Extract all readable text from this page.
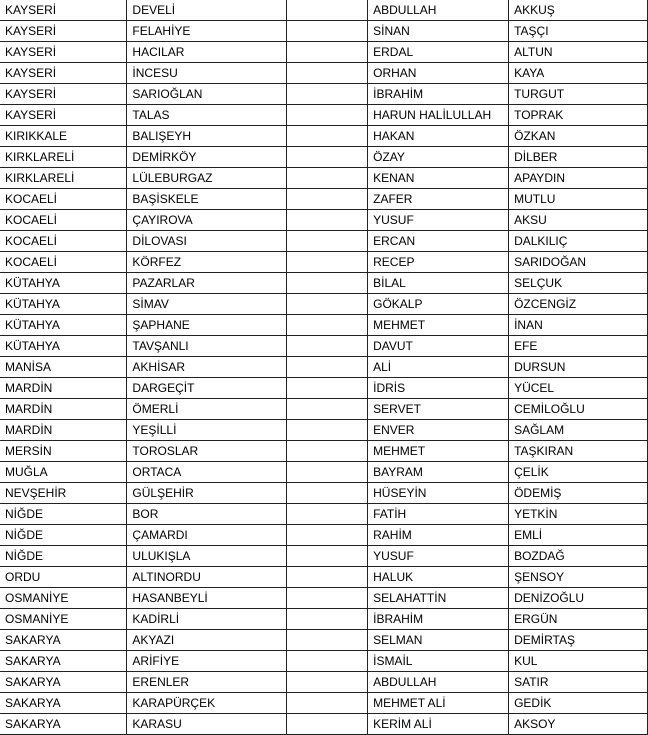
KAYSERİ	DEVELİ		ABDULLAH	AKKUŞ
KAYSERİ	FELAHİYE		SİNAN	TAŞÇI
KAYSERİ	HACILAR		ERDAL	ALTUN
KAYSERİ	İNCESU		ORHAN	KAYA
KAYSERİ	SARIOĞLAN		İBRAHİM	TURGUT
KAYSERİ	TALAS		HARUN HALİLULLAH	TOPRAK
KIRIKKALE	BALIŞEYH		HAKAN	ÖZKAN
KIRKLARELİ	DEMİRKÖY		ÖZAY	DİLBER
KIRKLARELİ	LÜLEBURGAZ		KENAN	APAYDIN
KOCAELİ	BAŞİSKELE		ZAFER	MUTLU
KOCAELİ	ÇAYIROVA		YUSUF	AKSU
KOCAELİ	DİLOVASI		ERCAN	DALKILIÇ
KOCAELİ	KÖRFEZ		RECEP	SARIDOĞAN
KÜTAHYA	PAZARLAR		BİLAL	SELÇUK
KÜTAHYA	SİMAV		GÖKALP	ÖZCENGİZ
KÜTAHYA	ŞAPHANE		MEHMET	İNAN
KÜTAHYA	TAVŞANLI		DAVUT	EFE
MANİSA	AKHİSAR		ALİ	DURSUN
MARDİN	DARGEÇİT		İDRİS	YÜCEL
MARDİN	ÖMERLİ		SERVET	CEMİLOĞLU
MARDİN	YEŞİLLİ		ENVER	SAĞLAM
MERSİN	TOROSLAR		MEHMET	TAŞKIRAN
MUĞLA	ORTACA		BAYRAM	ÇELİK
NEVŞEHİR	GÜLŞEHİR		HÜSEYİN	ÖDEMİŞ
NİĞDE	BOR		FATİH	YETKİN
NİĞDE	ÇAMARDI		RAHİM	EMLİ
NİĞDE	ULUKIŞLA		YUSUF	BOZDAĞ
ORDU	ALTINORDU		HALUK	ŞENSOY
OSMANİYE	HASANBEYLİ		SELAHATTİN	DENİZOĞLU
OSMANİYE	KADİRLİ		İBRAHİM	ERGÜN
SAKARYA	AKYAZI		SELMAN	DEMİRTAŞ
SAKARYA	ARİFİYE		İSMAİL	KUL
SAKARYA	ERENLER		ABDULLAH	SATIR
SAKARYA	KARAPÜRÇEK		MEHMET ALİ	GEDİK
SAKARYA	KARASU		KERİM ALİ	AKSOY
